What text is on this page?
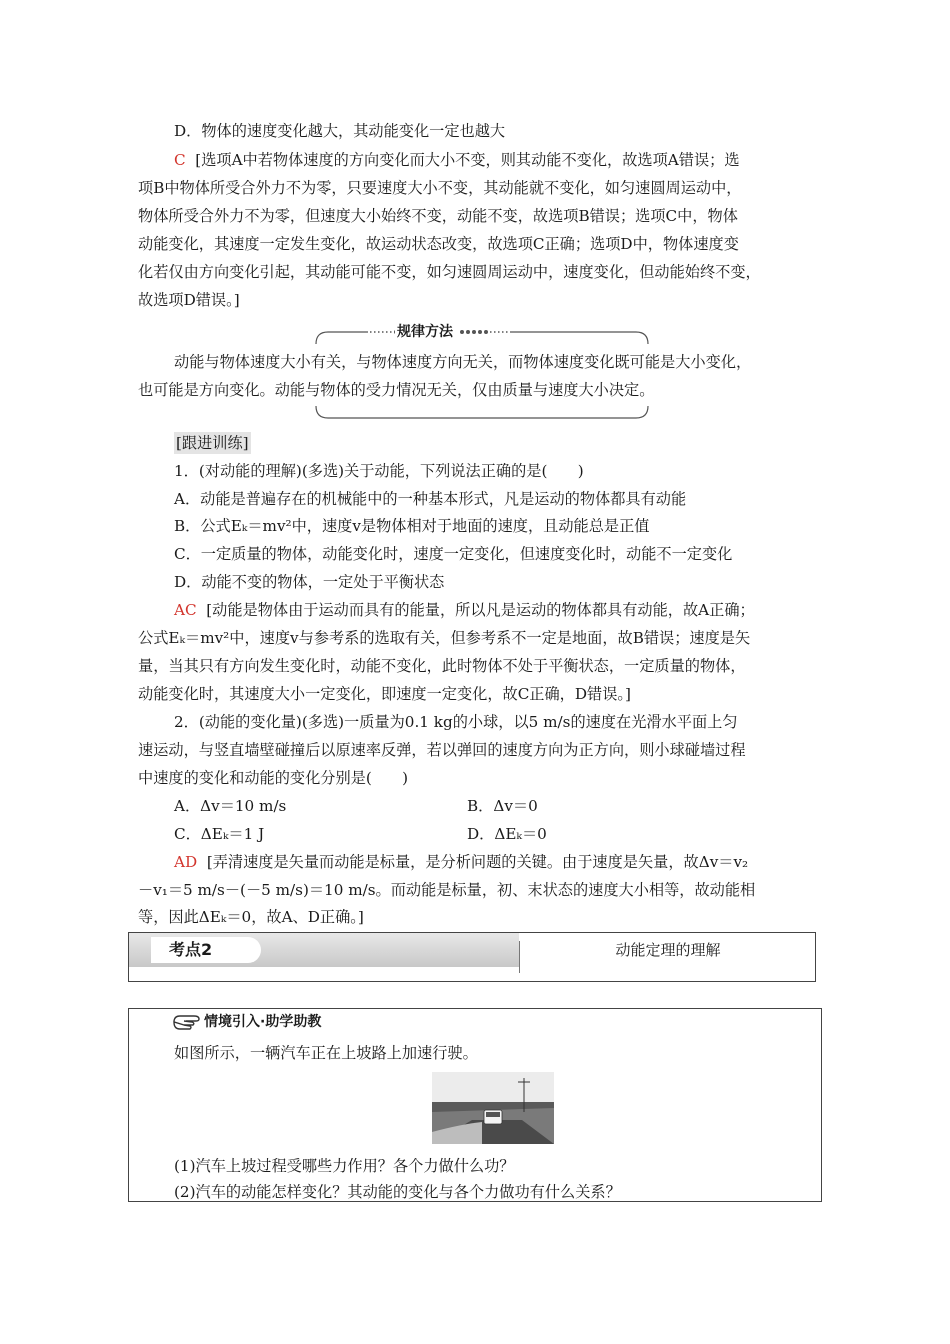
D．物体的速度变化越大，其动能变化一定也越大
C [选项A中若物体速度的方向变化而大小不变，则其动能不变化，故选项A错误；选
项B中物体所受合外力不为零，只要速度大小不变，其动能就不变化，如匀速圆周运动中，
物体所受合外力不为零，但速度大小始终不变，动能不变，故选项B错误；选项C中，物体
动能变化，其速度一定发生变化，故运动状态改变，故选项C正确；选项D中，物体速度变
化若仅由方向变化引起，其动能可能不变，如匀速圆周运动中，速度变化，但动能始终不变，
故选项D错误。]
规律方法
动能与物体速度大小有关，与物体速度方向无关，而物体速度变化既可能是大小变化，
也可能是方向变化。动能与物体的受力情况无关，仅由质量与速度大小决定。
[跟进训练]
1．(对动能的理解)(多选)关于动能，下列说法正确的是(　　)
A．动能是普遍存在的机械能中的一种基本形式，凡是运动的物体都具有动能
B．公式Eₖ＝mv²中，速度v是物体相对于地面的速度，且动能总是正值
C．一定质量的物体，动能变化时，速度一定变化，但速度变化时，动能不一定变化
D．动能不变的物体，一定处于平衡状态
AC [动能是物体由于运动而具有的能量，所以凡是运动的物体都具有动能，故A正确；
公式Eₖ＝mv²中，速度v与参考系的选取有关，但参考系不一定是地面，故B错误；速度是矢
量，当其只有方向发生变化时，动能不变化，此时物体不处于平衡状态，一定质量的物体，
动能变化时，其速度大小一定变化，即速度一定变化，故C正确，D错误。]
2．(动能的变化量)(多选)一质量为0.1 kg的小球，以5 m/s的速度在光滑水平面上匀
速运动，与竖直墙壁碰撞后以原速率反弹，若以弹回的速度方向为正方向，则小球碰墙过程
中速度的变化和动能的变化分别是(　　)
A．Δv＝10 m/s	B．Δv＝0
C．ΔEₖ＝1 J	D．ΔEₖ＝0
AD [弄清速度是矢量而动能是标量，是分析问题的关键。由于速度是矢量，故Δv＝v₂
－v₁＝5 m/s－(－5 m/s)＝10 m/s。而动能是标量，初、末状态的速度大小相等，故动能相
等，因此ΔEₖ＝0，故A、D正确。]
考点2	动能定理的理解
情境引入·助学助教
如图所示，一辆汽车正在上坡路上加速行驶。
(1)汽车上坡过程受哪些力作用？各个力做什么功？
(2)汽车的动能怎样变化？其动能的变化与各个力做功有什么关系？
